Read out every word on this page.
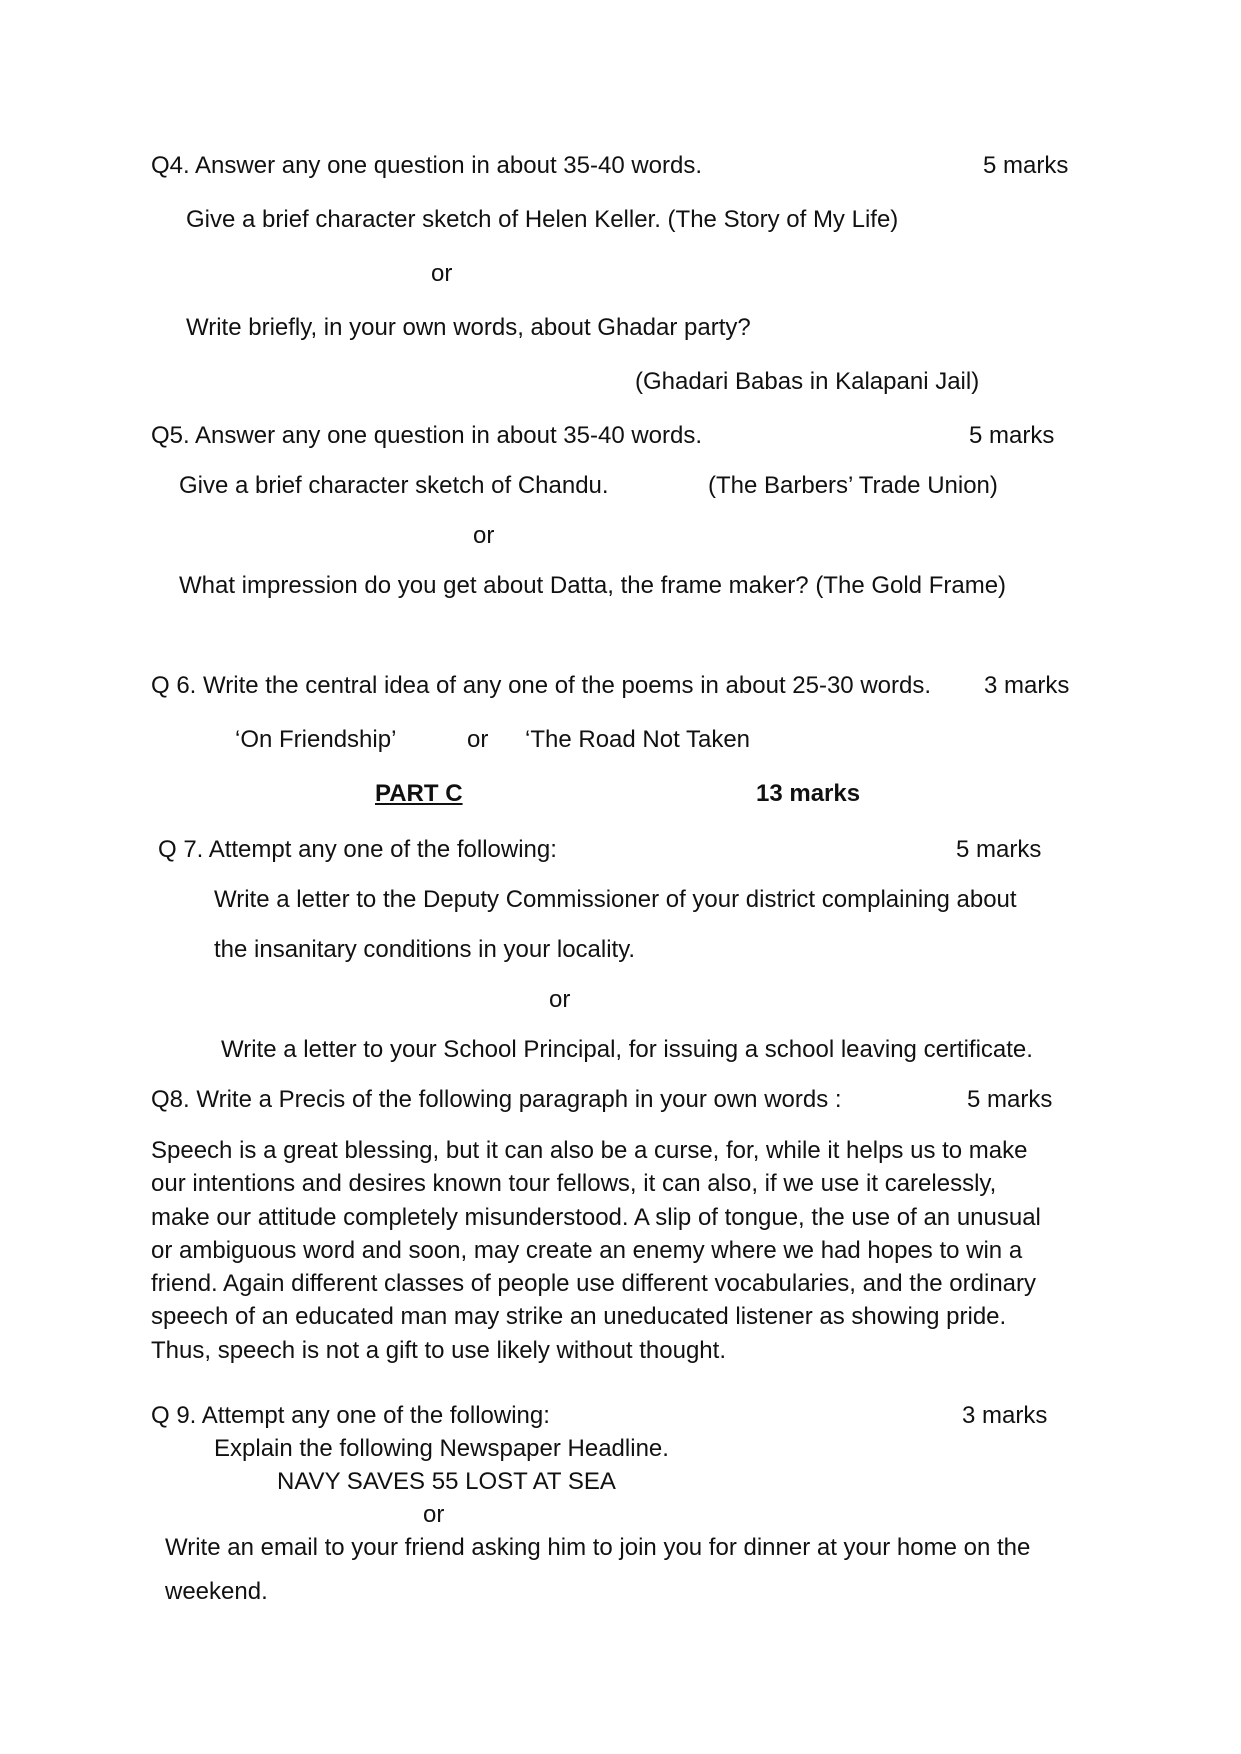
Q4. Answer any one question in about 35-40 words.	5 marks
Give a brief character sketch of Helen Keller. (The Story of My Life)
or
Write briefly, in your own words, about Ghadar party?
(Ghadari Babas in Kalapani Jail)
Q5. Answer any one question in about 35-40 words.	5 marks
Give a brief character sketch of Chandu.	(The Barbers’ Trade Union)
or
What impression do you get about Datta, the frame maker? (The Gold Frame)
Q 6. Write the central idea of any one of the poems in about 25-30 words. 3 marks
‘On Friendship’	or ‘The Road Not Taken
PART C	13 marks
Q 7. Attempt any one of the following:	5 marks
Write a letter to the Deputy Commissioner of your district complaining about
the insanitary conditions in your locality.
or
Write a letter to your School Principal, for issuing a school leaving certificate.
Q8. Write a Precis of the following paragraph in your own words :	5 marks
Speech is a great blessing, but it can also be a curse, for, while it helps us to make
our intentions and desires known tour fellows, it can also, if we use it carelessly,
make our attitude completely misunderstood. A slip of tongue, the use of an unusual
or ambiguous word and soon, may create an enemy where we had hopes to win a
friend. Again different classes of people use different vocabularies, and the ordinary
speech of an educated man may strike an uneducated listener as showing pride.
Thus, speech is not a gift to use likely without thought.
Q 9. Attempt any one of the following:	3 marks
Explain the following Newspaper Headline.
NAVY SAVES 55 LOST AT SEA
or
Write an email to your friend asking him to join you for dinner at your home on the
weekend.
